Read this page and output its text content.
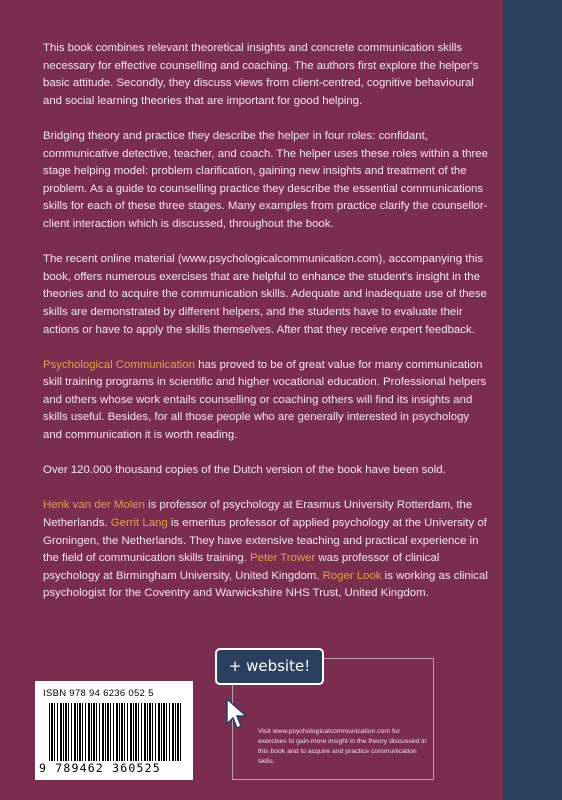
This book combines relevant theoretical insights and concrete communication skills necessary for effective counselling and coaching. The authors first explore the helper's basic attitude. Secondly, they discuss views from client-centred, cognitive behavioural and social learning theories that are important for good helping.

Bridging theory and practice they describe the helper in four roles: confidant, communicative detective, teacher, and coach. The helper uses these roles within a three stage helping model: problem clarification, gaining new insights and treatment of the problem. As a guide to counselling practice they describe the essential communications skills for each of these three stages. Many examples from practice clarify the counsellor-client interaction which is discussed, throughout the book.

The recent online material (www.psychologicalcommunication.com), accompanying this book, offers numerous exercises that are helpful to enhance the student's insight in the theories and to acquire the communication skills. Adequate and inadequate use of these skills are demonstrated by different helpers, and the students have to evaluate their actions or have to apply the skills themselves. After that they receive expert feedback.

Psychological Communication has proved to be of great value for many communication skill training programs in scientific and higher vocational education. Professional helpers and others whose work entails counselling or coaching others will find its insights and skills useful. Besides, for all those people who are generally interested in psychology and communication it is worth reading.

Over 120.000 thousand copies of the Dutch version of the book have been sold.

Henk van der Molen is professor of psychology at Erasmus University Rotterdam, the Netherlands. Gerrit Lang is emeritus professor of applied psychology at the University of Groningen, the Netherlands. They have extensive teaching and practical experience in the field of communication skills training. Peter Trower was professor of clinical psychology at Birmingham University, United Kingdom. Roger Look is working as clinical psychologist for the Coventry and Warwickshire NHS Trust, United Kingdom.

ISBN 978 94 6236 052 5
9 789462 360525
+ website!
Visit www.psychologicalcommunication.com for exercises to gain more insight in the theory discussed in this book and to acquire and practice communication skills.
